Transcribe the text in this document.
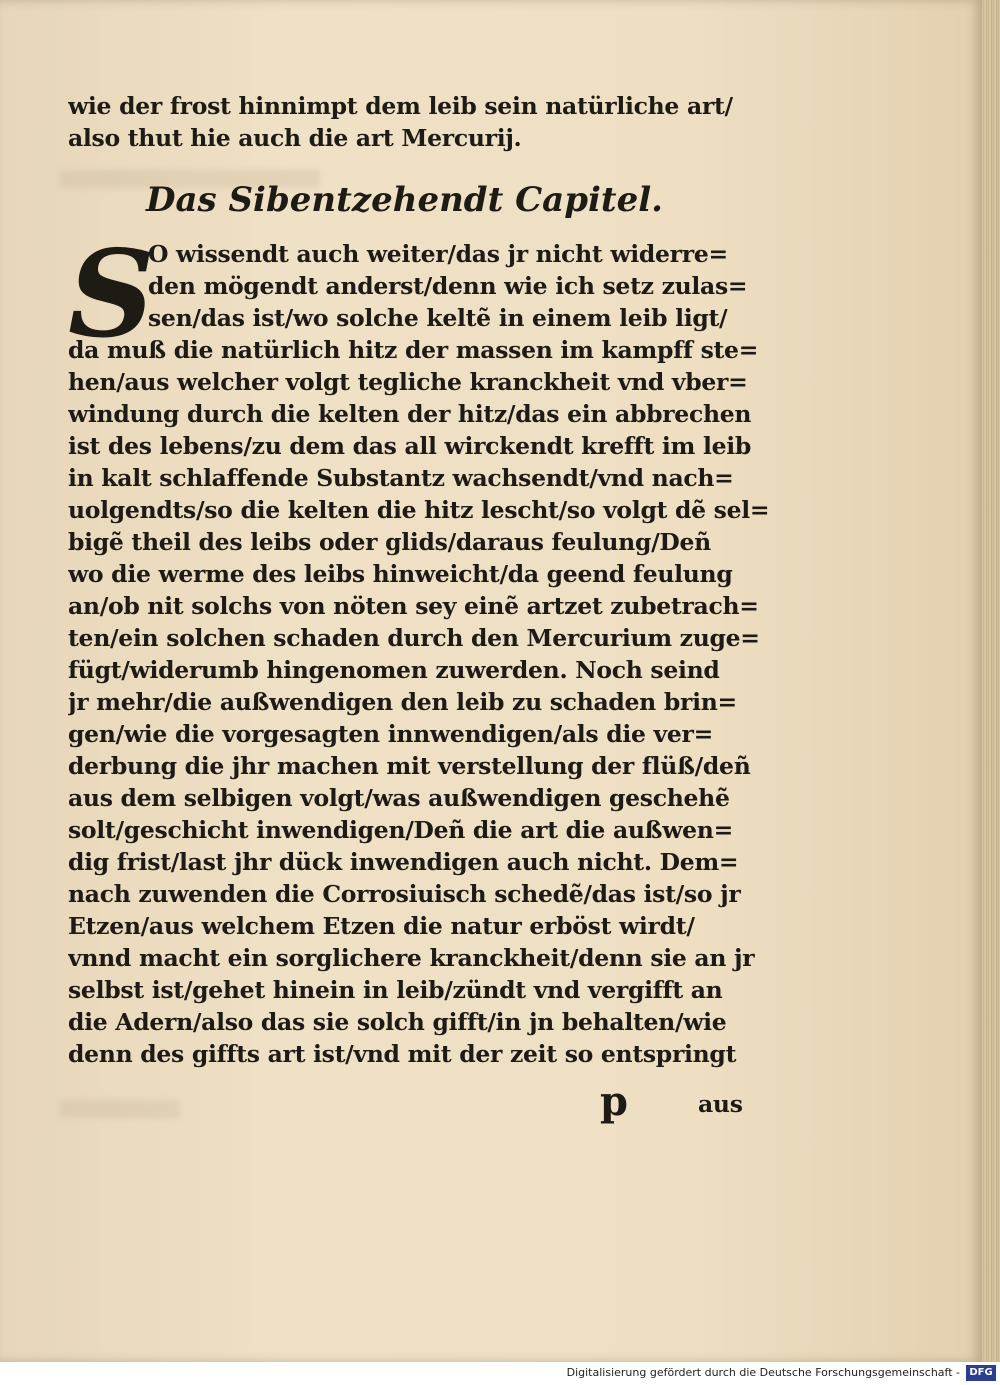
wie der frost hinnimpt dem leib sein natürliche art/
also thut hie auch die art Mercurij.
Das Sibentzehendt Capitel.
S
O wissendt auch weiter/das jr nicht widerre=
den mögendt anderst/denn wie ich setz zulas=
sen/das ist/wo solche keltẽ in einem leib ligt/
da muß die natürlich hitz der massen im kampff ste=
hen/aus welcher volgt tegliche kranckheit vnd vber=
windung durch die kelten der hitz/das ein abbrechen
ist des lebens/zu dem das all wirckendt krefft im leib
in kalt schlaffende Substantz wachsendt/vnd nach=
uolgendts/so die kelten die hitz lescht/so volgt dẽ sel=
bigẽ theil des leibs oder glids/daraus feulung/Deñ
wo die werme des leibs hinweicht/da geend feulung
an/ob nit solchs von nöten sey einẽ artzet zubetrach=
ten/ein solchen schaden durch den Mercurium zuge=
fügt/widerumb hingenomen zuwerden. Noch seind
jr mehr/die außwendigen den leib zu schaden brin=
gen/wie die vorgesagten innwendigen/als die ver=
derbung die jhr machen mit verstellung der flüß/deñ
aus dem selbigen volgt/was außwendigen geschehẽ
solt/geschicht inwendigen/Deñ die art die außwen=
dig frist/last jhr dück inwendigen auch nicht. Dem=
nach zuwenden die Corrosiuisch schedẽ/das ist/so jr
Etzen/aus welchem Etzen die natur erböst wirdt/
vnnd macht ein sorglichere kranckheit/denn sie an jr
selbst ist/gehet hinein in leib/zündt vnd vergifft an
die Adern/also das sie solch gifft/in jn behalten/wie
denn des giffts art ist/vnd mit der zeit so entspringt
p	aus
Digitalisierung gefördert durch die Deutsche Forschungsgemeinschaft - DFG
